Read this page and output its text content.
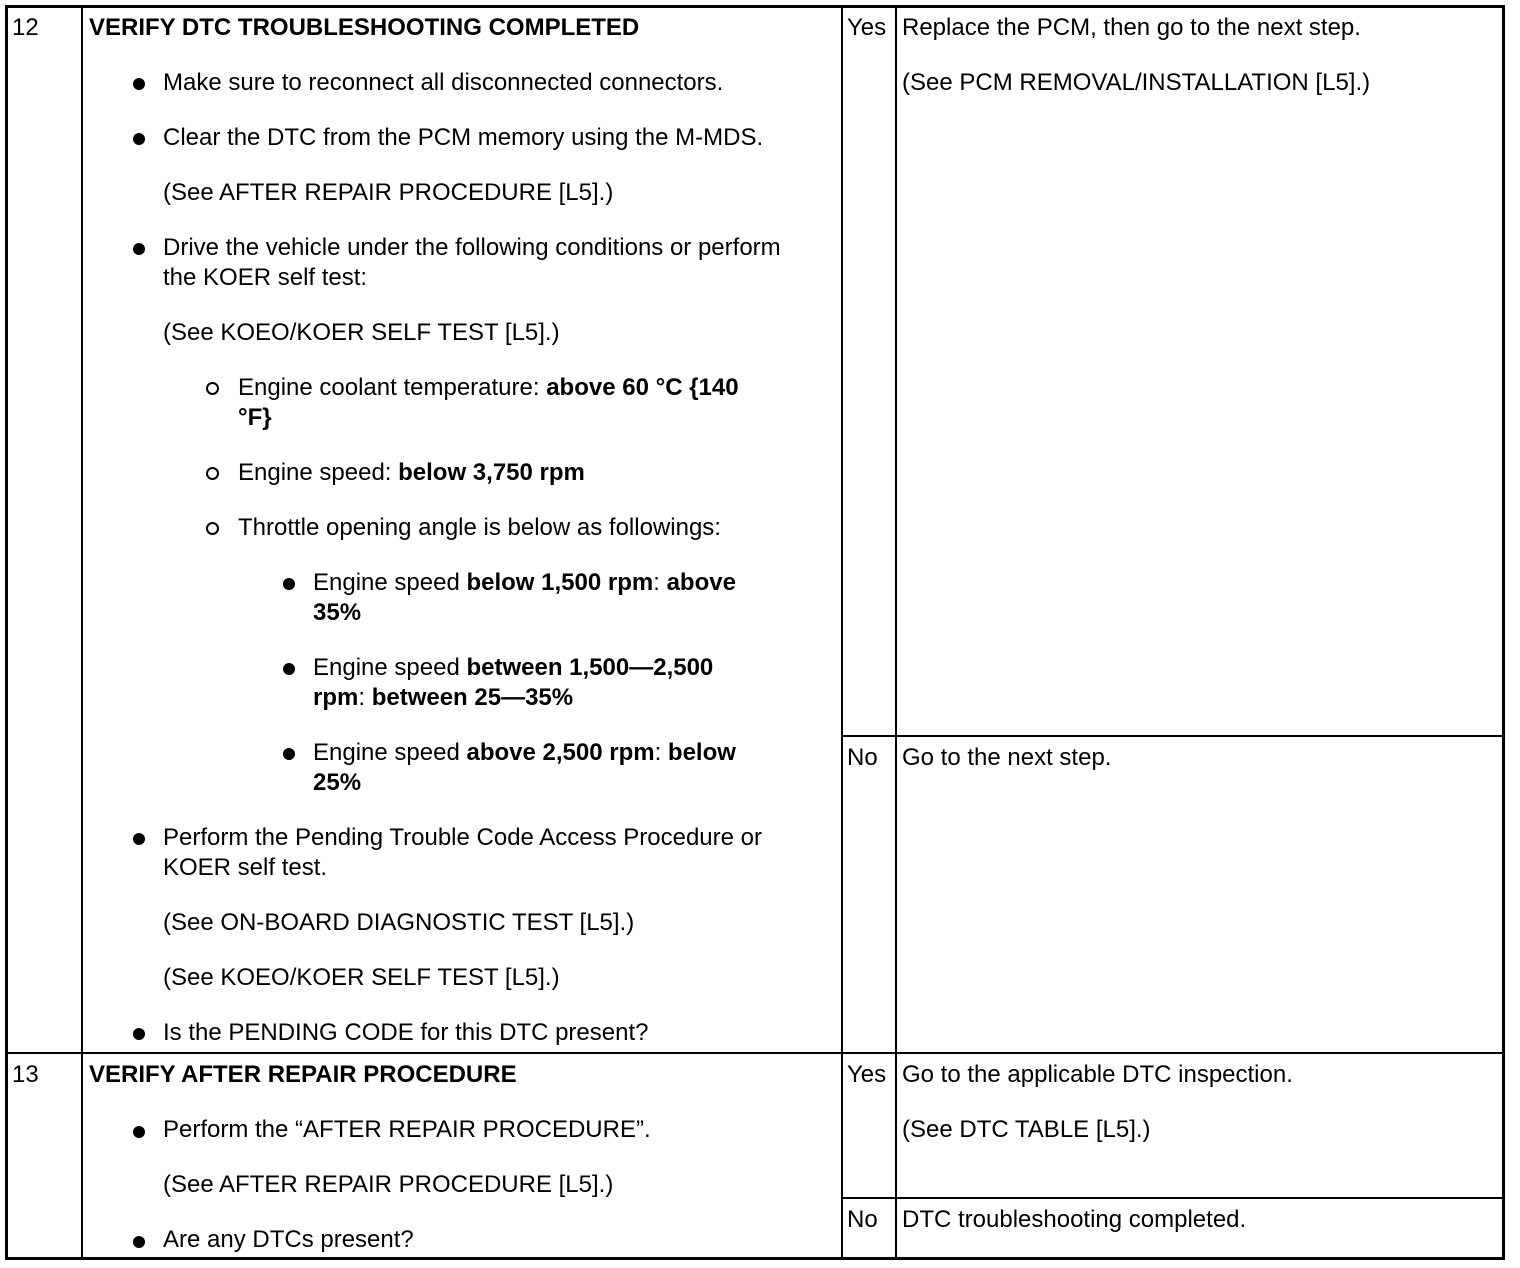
12 VERIFY DTC TROUBLESHOOTING COMPLETED
Make sure to reconnect all disconnected connectors.
Clear the DTC from the PCM memory using the M-MDS.
(See AFTER REPAIR PROCEDURE [L5].)
Drive the vehicle under the following conditions or perform
the KOER self test:
(See KOEO/KOER SELF TEST [L5].)
Engine coolant temperature: above 60 °C {140
°F}
Engine speed: below 3,750 rpm
Throttle opening angle is below as followings:
Engine speed below 1,500 rpm: above
35%
Engine speed between 1,500—2,500
rpm: between 25—35%
Engine speed above 2,500 rpm: below
25%
Perform the Pending Trouble Code Access Procedure or
KOER self test.
(See ON-BOARD DIAGNOSTIC TEST [L5].)
(See KOEO/KOER SELF TEST [L5].)
Is the PENDING CODE for this DTC present?
Yes Replace the PCM, then go to the next step.
(See PCM REMOVAL/INSTALLATION [L5].)
No Go to the next step.
13 VERIFY AFTER REPAIR PROCEDURE
Perform the “AFTER REPAIR PROCEDURE”.
(See AFTER REPAIR PROCEDURE [L5].)
Are any DTCs present?
Yes Go to the applicable DTC inspection.
(See DTC TABLE [L5].)
No DTC troubleshooting completed.
